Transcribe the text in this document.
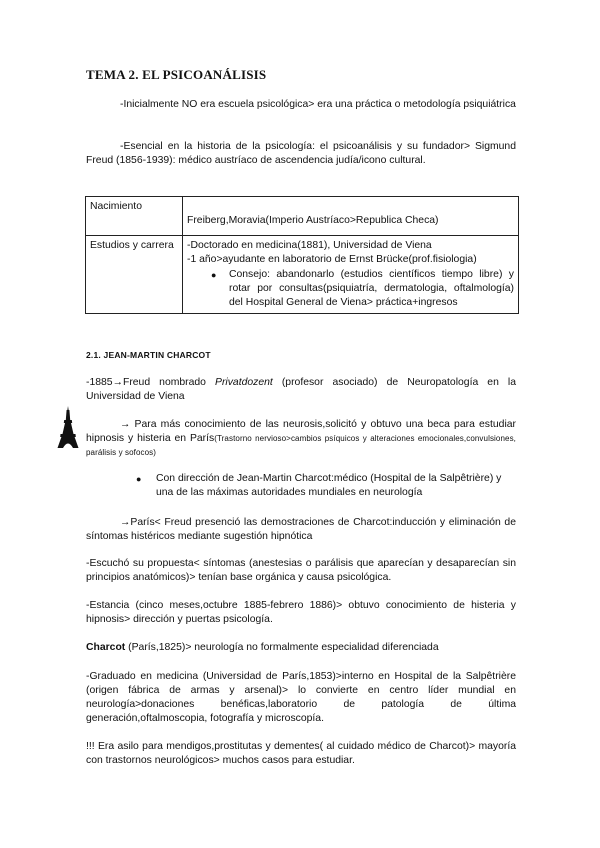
TEMA 2. EL PSICOANÁLISIS
-Inicialmente NO era escuela psicológica> era una práctica o metodología psiquiátrica
-Esencial en la historia de la psicología: el psicoanálisis y su fundador> Sigmund Freud (1856-1939): médico austríaco de ascendencia judía/icono cultural.
Nacimiento	Freiberg,Moravia(Imperio Austríaco>Republica Checa)
Estudios y carrera	-Doctorado en medicina(1881), Universidad de Viena
-1 año>ayudante en laboratorio de Ernst Brücke(prof.fisiologia)
● Consejo: abandonarlo (estudios científicos tiempo libre) y rotar por consultas(psiquiatría, dermatologia, oftalmología) del Hospital General de Viena> práctica+ingresos
2.1. JEAN-MARTIN CHARCOT
-1885→Freud nombrado Privatdozent (profesor asociado) de Neuropatología en la Universidad de Viena
→ Para más conocimiento de las neurosis,solicitó y obtuvo una beca para estudiar hipnosis y histeria en París(Trastorno nervioso>cambios psíquicos y alteraciones emocionales,convulsiones, parálisis y sofocos)
●	Con dirección de Jean-Martin Charcot:médico (Hospital de la Salpêtrière) y una de las máximas autoridades mundiales en neurología
→París< Freud presenció las demostraciones de Charcot:inducción y eliminación de síntomas histéricos mediante sugestión hipnótica
-Escuchó su propuesta< síntomas (anestesias o parálisis que aparecían y desaparecían sin principios anatómicos)> tenían base orgánica y causa psicológica.
-Estancia (cinco meses,octubre 1885-febrero 1886)> obtuvo conocimiento de histeria y hipnosis> dirección y puertas psicología.
Charcot (París,1825)> neurología no formalmente especialidad diferenciada
-Graduado en medicina (Universidad de París,1853)>interno en Hospital de la Salpêtrière (origen fábrica de armas y arsenal)> lo convierte en centro líder mundial en neurología>donaciones benéficas,laboratorio de patología de última generación,oftalmoscopia, fotografía y microscopía.
!!! Era asilo para mendigos,prostitutas y dementes( al cuidado médico de Charcot)> mayoría con trastornos neurológicos> muchos casos para estudiar.
